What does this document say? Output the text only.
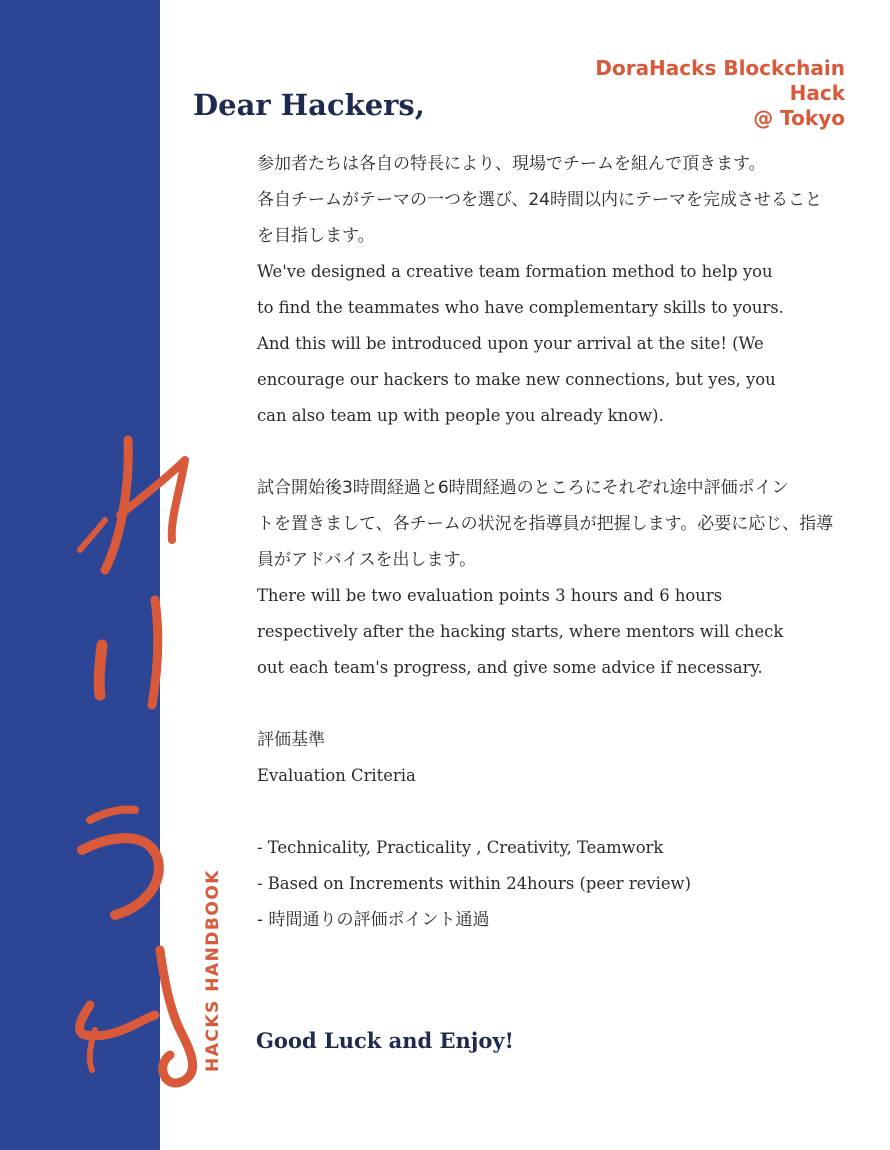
HACKS HANDBOOK
DoraHacks Blockchain
Hack
@ Tokyo
Dear Hackers,

参加者たちは各自の特長により、現場でチームを組んで頂きます。

各自チームがテーマの一つを選び、24時間以内にテーマを完成させること

を目指します。

We've designed a creative team formation method to help you

to find the teammates who have complementary skills to yours.

And this will be introduced upon your arrival at the site! (We

encourage our hackers to make new connections, but yes, you

can also team up with people you already know).

試合開始後3時間経過と6時間経過のところにそれぞれ途中評価ポイン

トを置きまして、各チームの状況を指導員が把握します。必要に応じ、指導

員がアドバイスを出します。

There will be two evaluation points 3 hours and 6 hours

respectively after the hacking starts, where mentors will check

out each team's progress, and give some advice if necessary.

評価基準

Evaluation Criteria

- Technicality, Practicality , Creativity, Teamwork

- Based on Increments within 24hours (peer review)

- 時間通りの評価ポイント通過

Good Luck and Enjoy!
